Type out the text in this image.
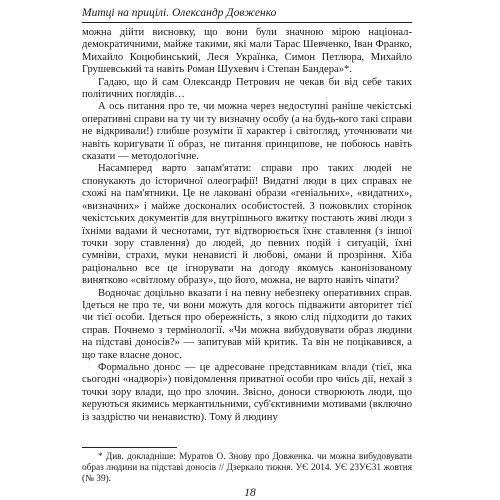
Митці на прицілі. Олександр Довженко

можна дійти висновку, що вони були значною мірою націонал-демократичними, майже такими, які мали Тарас Шевченко, Іван Франко, Михайло Коцюбинський, Леся Українка, Симон Петлюра, Михайло Грушевський та навіть Роман Шухевич і Степан Бандера»*.

Гадаю, що й сам Олександр Петрович не чекав би від себе таких політичних поглядів…

А ось питання про те, чи можна через недоступні раніше чекістські оперативні справи на ту чи ту визначну особу (а на будь-кого такі справи не відкривали!) глибше розуміти її характер і світогляд, уточнювати чи навіть коригувати її образ, не питання принципове, не побоюсь навіть сказати — методологічне.

Насамперед варто запам'ятати: справи про таких людей не спонукають до історичної олеографії! Видатні люди в цих справах не схожі на пам'ятники. Це не лаковані образи «геніальних», «видатних», «визначних» і майже досконалих особистостей. З пожовклих сторінок чекістських документів для внутрішнього вжитку постають живі люди з їхніми вадами й чеснотами, тут відтворюється їхнє ставлення (з іншої точки зору ставлення) до людей, до певних подій і ситуацій, їхні сумніви, страхи, муки ненависті й любові, омани й прозріння. Хіба раціонально все це ігнорувати на догоду якомусь канонізованому винятково «світлому образу», що його, можна, не варто навіть чіпати?

Водночас доцільно вказати і на певну небезпеку оперативних справ. Ідеться не про те, чи вони можуть для когось підважити авторитет тієї чи тієї особи. Ідеться про обережність, з якою слід підходити до таких справ. Почнемо з термінології. «Чи можна вибудовувати образ людини на підставі доносів?» — запитував мій критик. Та він не поцікавився, а що таке власне донос.

Формально донос — це адресоване представникам влади (тієї, яка сьогодні «надворі») повідомлення приватної особи про чиїсь дії, нехай з точки зору влади, що про злочин. Звісно, доноси створюють люди, що керуються якимись меркантильними, суб'єктивними мотивами (включно із заздрістю чи ненавистю). Тому й людину

* Див. докладніше: Муратов О. Знову про Довженка. чи можна вибудовувати образ людини на підставі доносів // Дзеркало тижня. УЄ 2014. УЄ 23УЄ31 жовтня (№ 39).

18
